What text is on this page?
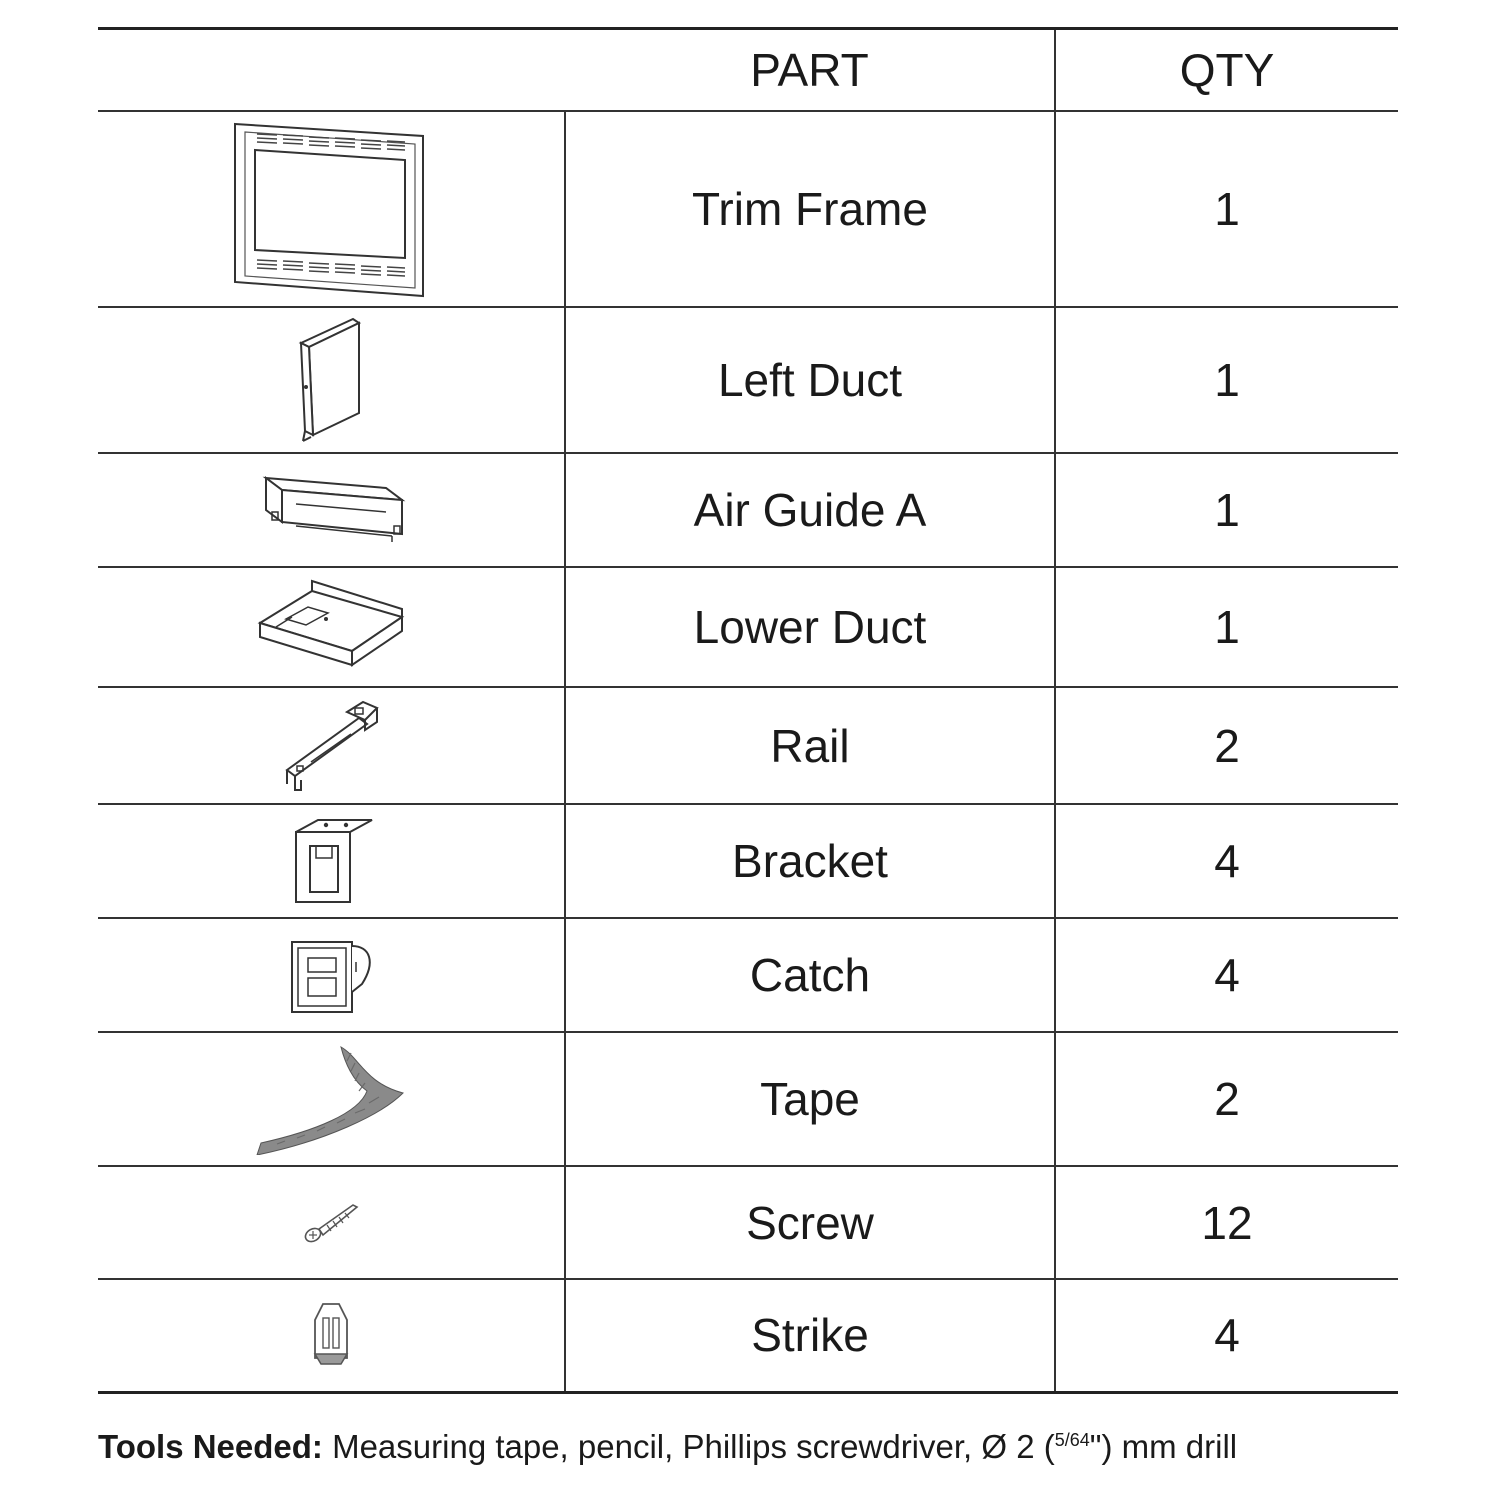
	PART	QTY

	Trim Frame	1

	Left Duct	1

	Air Guide A	1

	Lower Duct	1

	Rail	2

	Bracket	4

	Catch	4

	Tape	2

	Screw	12

	Strike	4
Tools Needed: Measuring tape, pencil, Phillips screwdriver, Ø 2 ($^{5/64}$") mm drill
